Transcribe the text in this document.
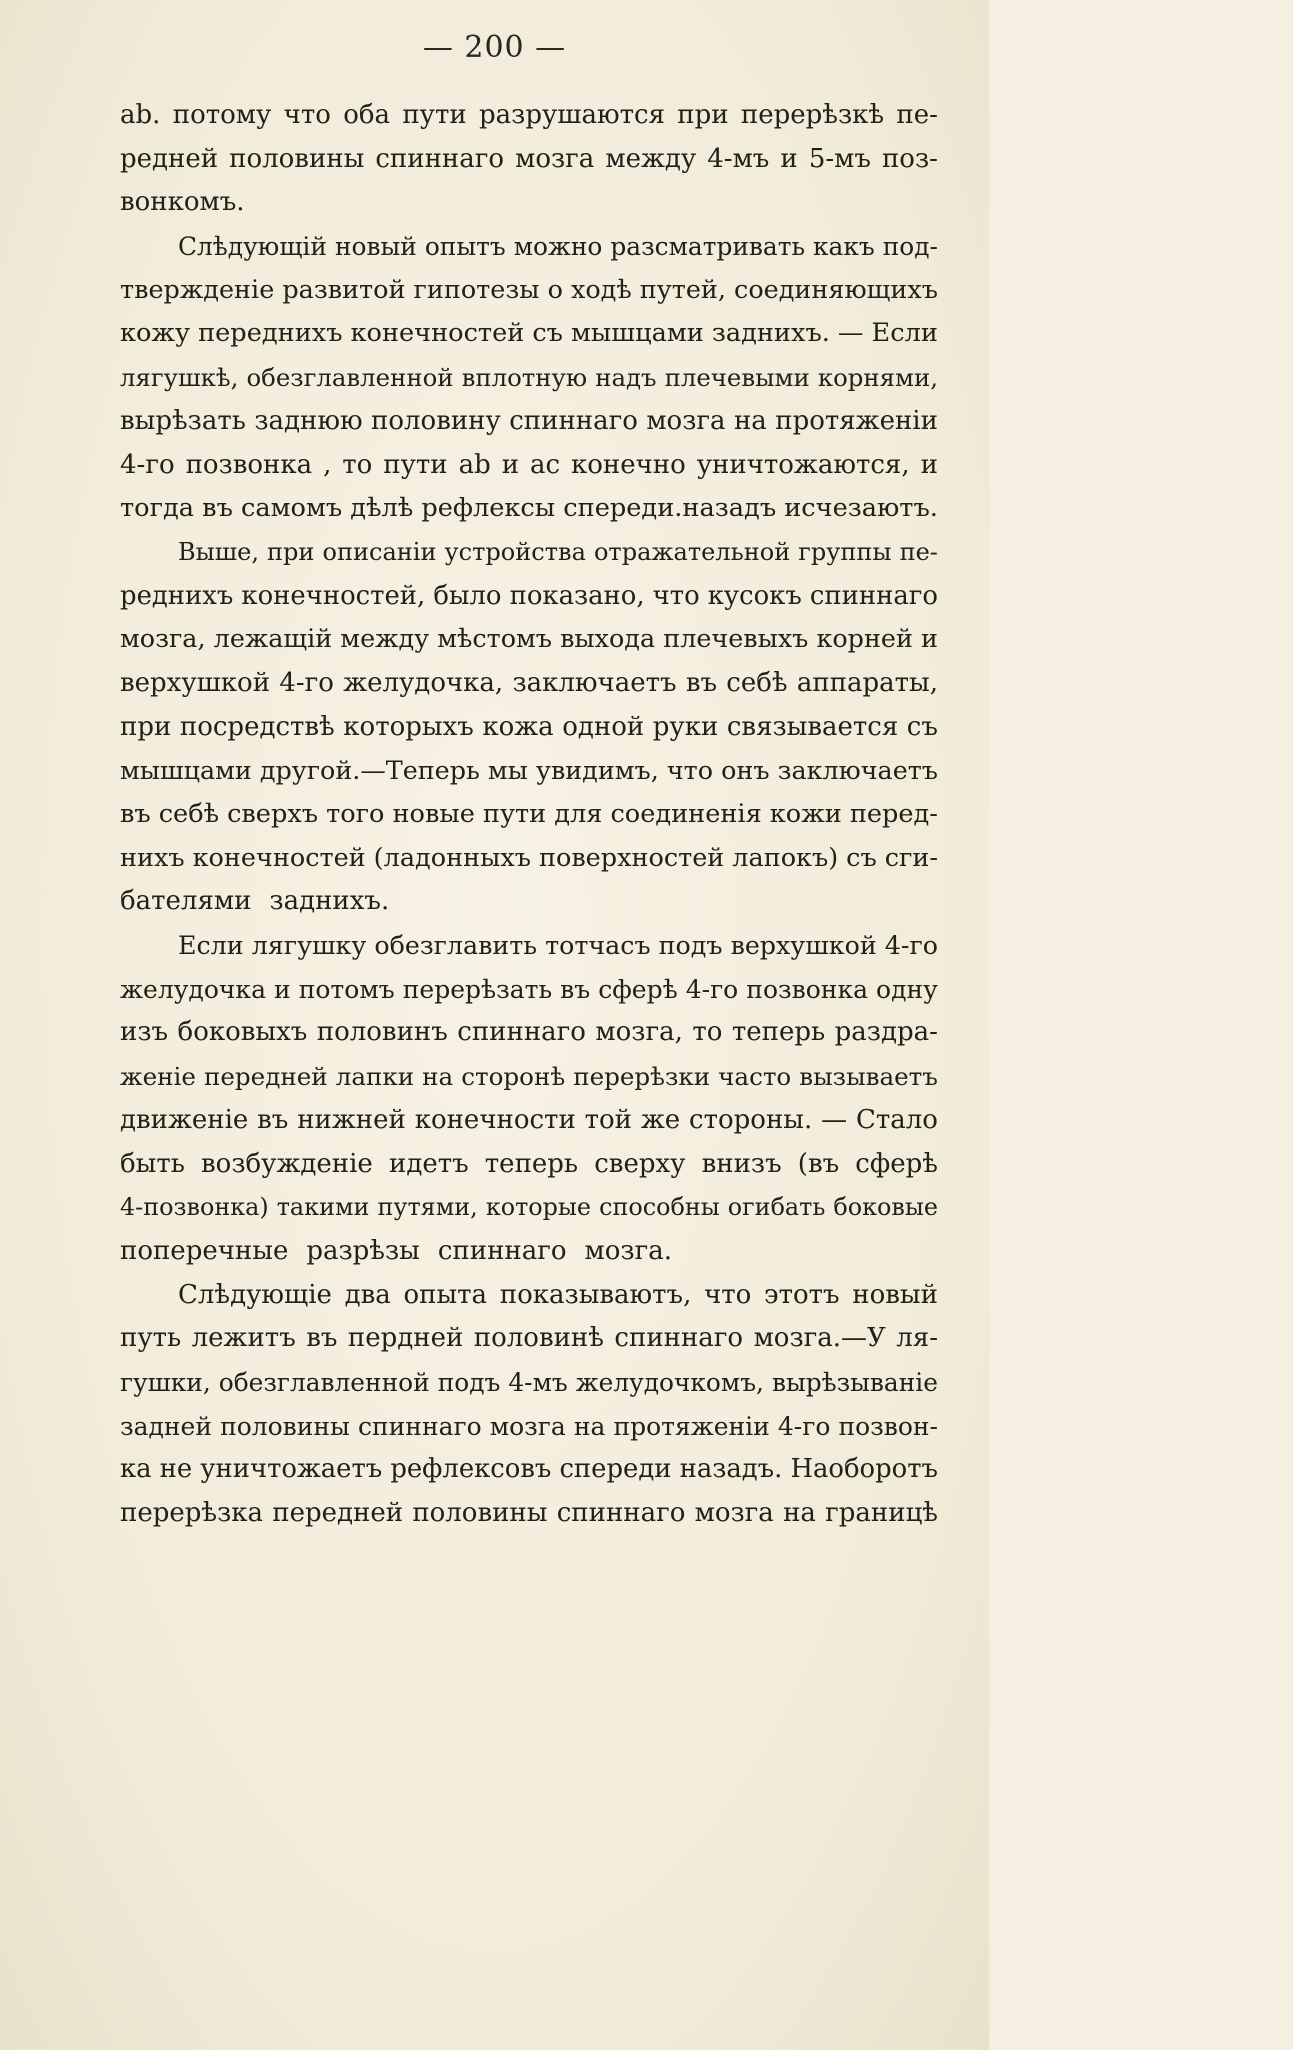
— 200 —
аb. потому что оба пути разрушаются при перерѣзкѣ пе-
редней половины спиннаго мозга между 4-мъ и 5-мъ поз-
вонкомъ.
Слѣдующій новый опытъ можно разсматривать какъ под-
твержденіе развитой гипотезы о ходѣ путей, соединяющихъ
кожу переднихъ конечностей съ мышцами заднихъ. — Если
лягушкѣ, обезглавленной вплотную надъ плечевыми корнями,
вырѣзать заднюю половину спиннаго мозга на протяженіи
4-го позвонка , то пути аb и ас конечно уничтожаются, и
тогда въ самомъ дѣлѣ рефлексы спереди.назадъ исчезаютъ.
Выше, при описаніи устройства отражательной группы пе-
реднихъ конечностей, было показано, что кусокъ спиннаго
мозга, лежащій между мѣстомъ выхода плечевыхъ корней и
верхушкой 4-го желудочка, заключаетъ въ себѣ аппараты,
при посредствѣ которыхъ кожа одной руки связывается съ
мышцами другой.—Теперь мы увидимъ, что онъ заключаетъ
въ себѣ сверхъ того новые пути для соединенія кожи перед-
нихъ конечностей (ладонныхъ поверхностей лапокъ) съ сги-
бателями заднихъ.
Если лягушку обезглавить тотчасъ подъ верхушкой 4-го
желудочка и потомъ перерѣзать въ сферѣ 4-го позвонка одну
изъ боковыхъ половинъ спиннаго мозга, то теперь раздра-
женіе передней лапки на сторонѣ перерѣзки часто вызываетъ
движеніе въ нижней конечности той же стороны. — Стало
быть возбужденіе идетъ теперь сверху внизъ (въ сферѣ
4-позвонка) такими путями, которые способны огибать боковые
поперечные разрѣзы спиннаго мозга.
Слѣдующіе два опыта показываютъ, что этотъ новый
путь лежитъ въ пердней половинѣ спиннаго мозга.—У ля-
гушки, обезглавленной подъ 4-мъ желудочкомъ, вырѣзываніе
задней половины спиннаго мозга на протяженіи 4-го позвон-
ка не уничтожаетъ рефлексовъ спереди назадъ. Наоборотъ
перерѣзка передней половины спиннаго мозга на границѣ
